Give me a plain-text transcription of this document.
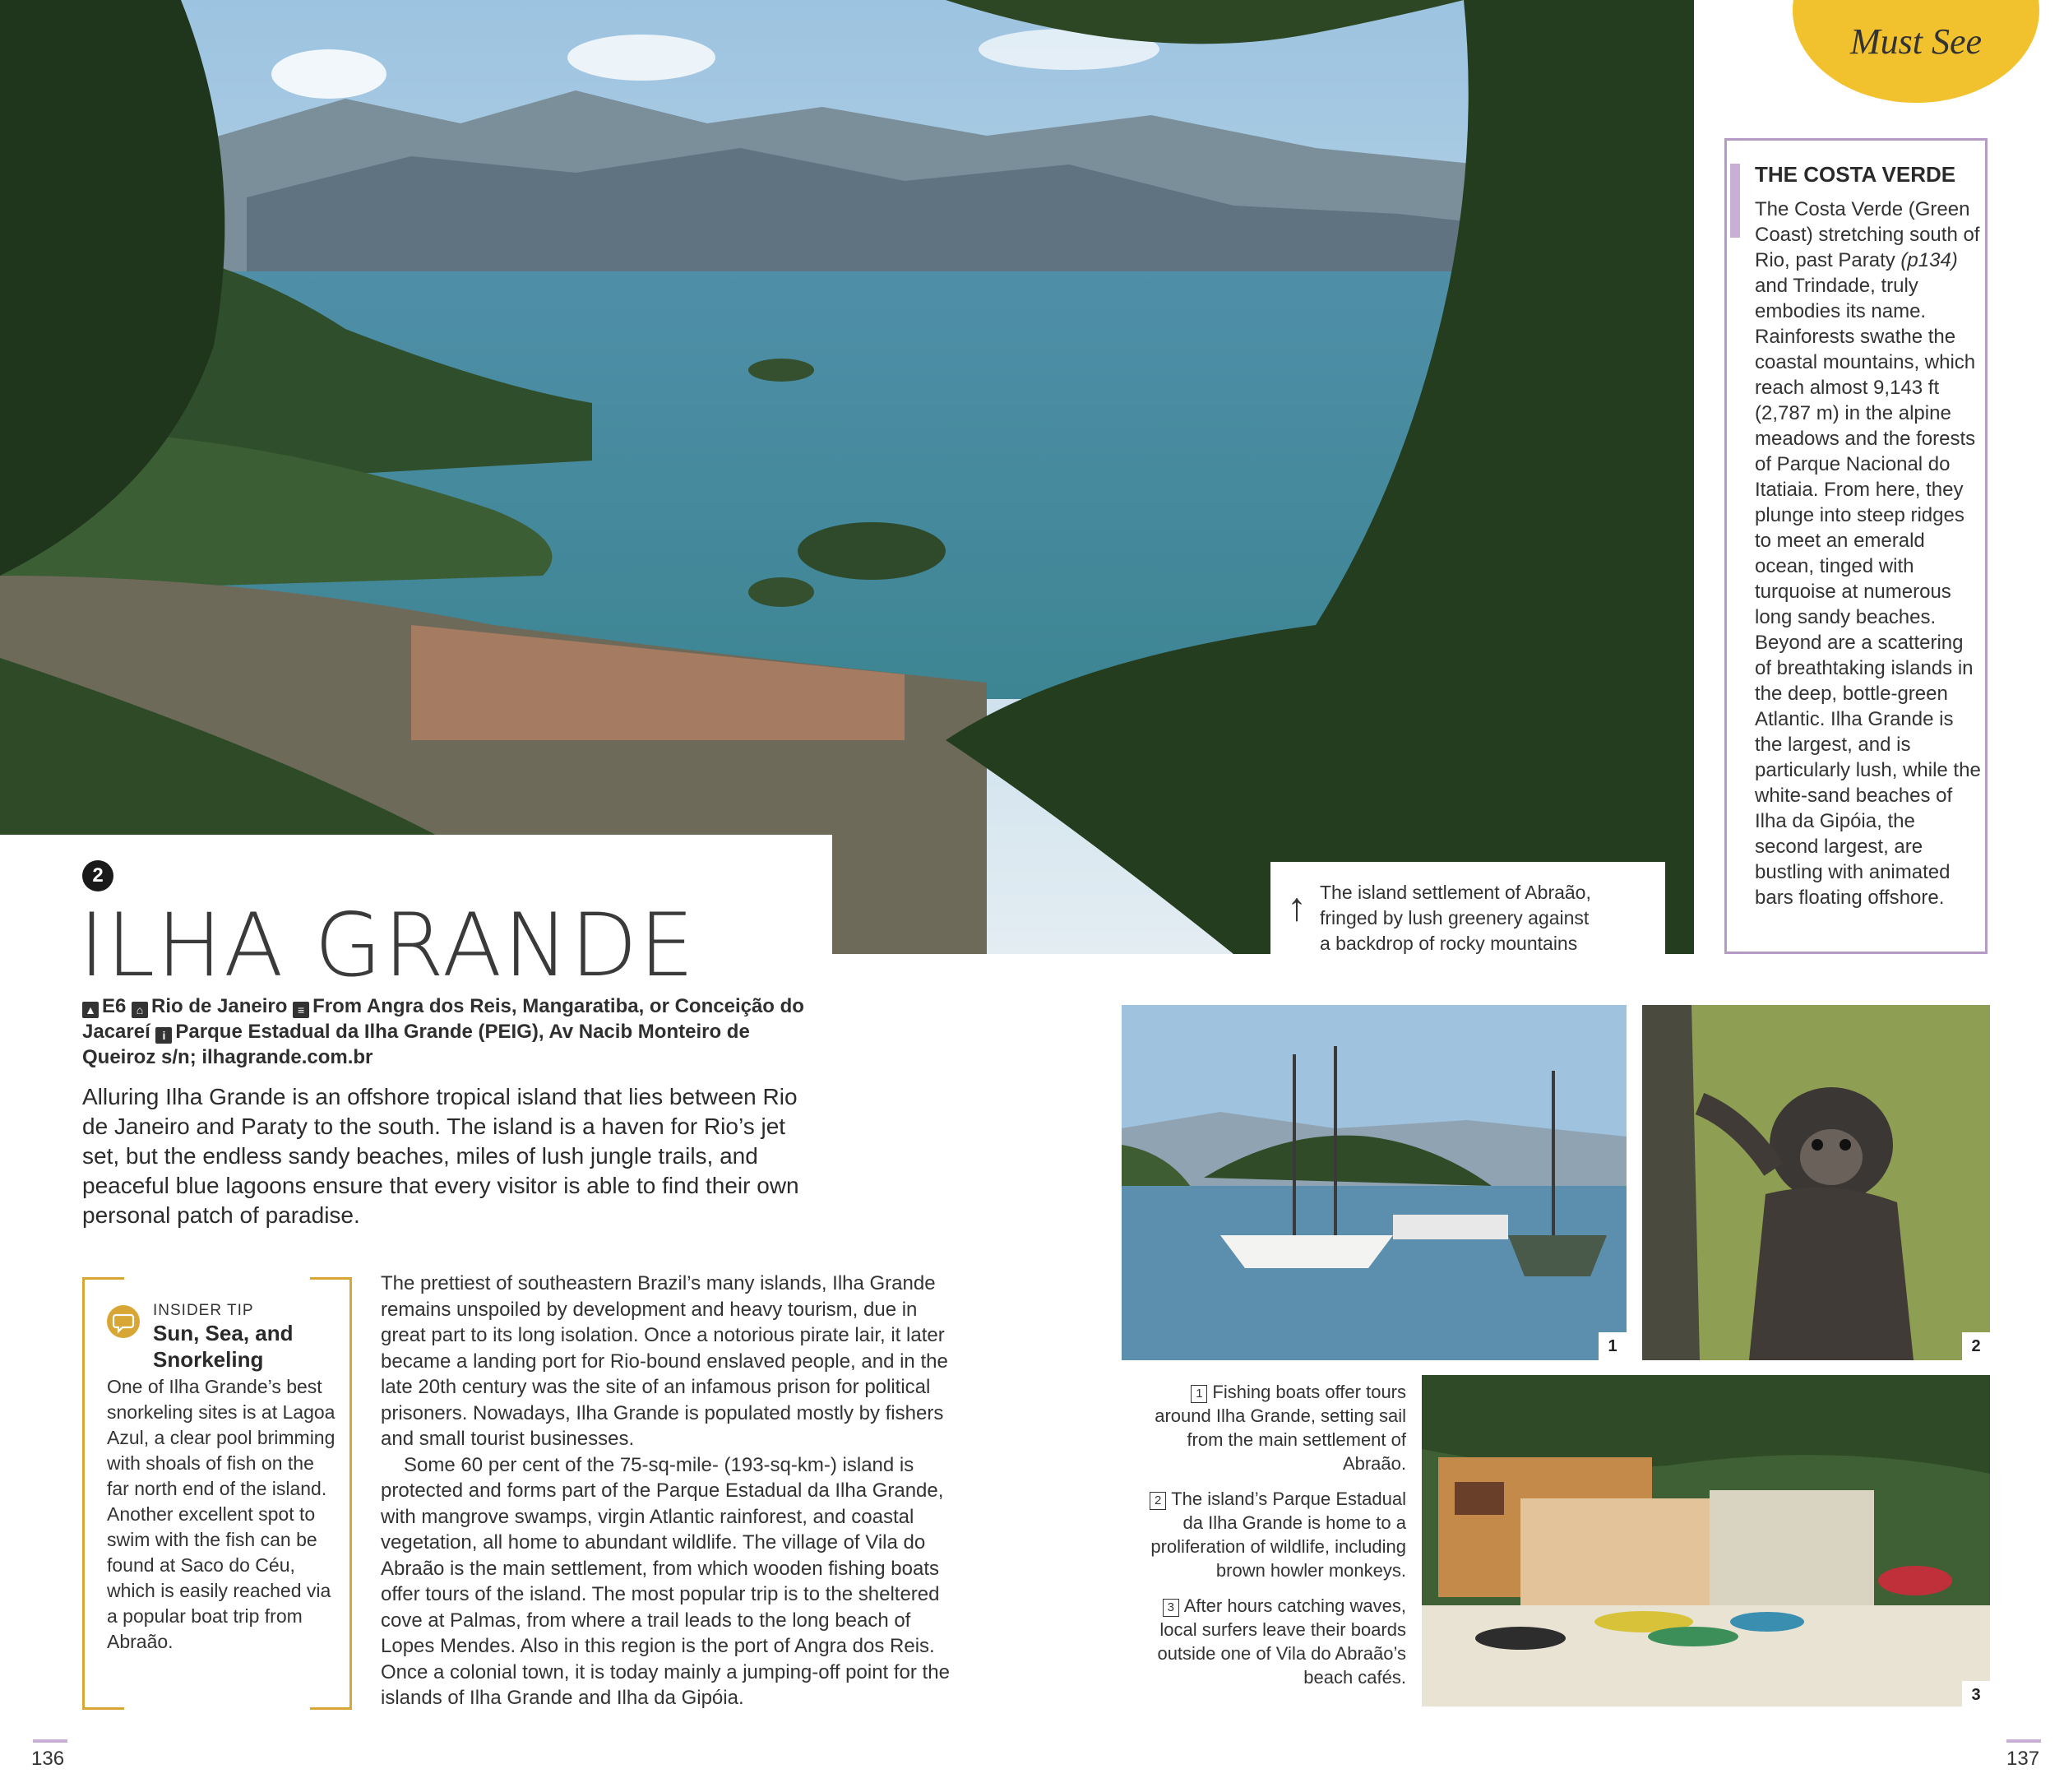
Must See
THE COSTA VERDE

The Costa Verde (Green Coast) stretching south of Rio, past Paraty (p134) and Trindade, truly embodies its name. Rainforests swathe the coastal mountains, which reach almost 9,143 ft (2,787 m) in the alpine meadows and the forests of Parque Nacional do Itatiaia. From here, they plunge into steep ridges to meet an emerald ocean, tinged with turquoise at numerous long sandy beaches. Beyond are a scattering of breathtaking islands in the deep, bottle-green Atlantic. Ilha Grande is the largest, and is particularly lush, while the white-sand beaches of Ilha da Gipóia, the second largest, are bustling with animated bars floating offshore.

↑ The island settlement of Abraão,
fringed by lush greenery against
a backdrop of rocky mountains

2
ILHA GRANDE
▲ E6 ⌂ Rio de Janeiro ≡ From Angra dos Reis, Mangaratiba, or Conceição do Jacareí i Parque Estadual da Ilha Grande (PEIG), Av Nacib Monteiro de Queiroz s/n; ilhagrande.com.br

Alluring Ilha Grande is an offshore tropical island that lies between Rio de Janeiro and Paraty to the south. The island is a haven for Rio’s jet set, but the endless sandy beaches, miles of lush jungle trails, and peaceful blue lagoons ensure that every visitor is able to find their own personal patch of paradise.

INSIDER TIP
Sun, Sea, and Snorkeling

One of Ilha Grande’s best snorkeling sites is at Lagoa Azul, a clear pool brimming with shoals of fish on the far north end of the island. Another excellent spot to swim with the fish can be found at Saco do Céu, which is easily reached via a popular boat trip from Abraão.

The prettiest of southeastern Brazil’s many islands, Ilha Grande remains unspoiled by development and heavy tourism, due in great part to its long isolation. Once a notorious pirate lair, it later became a landing port for Rio-bound enslaved people, and in the late 20th century was the site of an infamous prison for political prisoners. Nowadays, Ilha Grande is populated mostly by fishers and small tourist businesses.

Some 60 per cent of the 75-sq-mile- (193-sq-km-) island is protected and forms part of the Parque Estadual da Ilha Grande, with mangrove swamps, virgin Atlantic rainforest, and coastal vegetation, all home to abundant wildlife. The village of Vila do Abraão is the main settlement, from which wooden fishing boats offer tours of the island. The most popular trip is to the sheltered cove at Palmas, from where a trail leads to the long beach of Lopes Mendes. Also in this region is the port of Angra dos Reis. Once a colonial town, it is today mainly a jumping-off point for the islands of Ilha Grande and Ilha da Gipóia.

1	2

1 Fishing boats offer tours around Ilha Grande, setting sail from the main settlement of Abraão.

2 The island’s Parque Estadual da Ilha Grande is home to a proliferation of wildlife, including brown howler monkeys.

3 After hours catching waves, local surfers leave their boards outside one of Vila do Abraão’s beach cafés.

3
136	137
